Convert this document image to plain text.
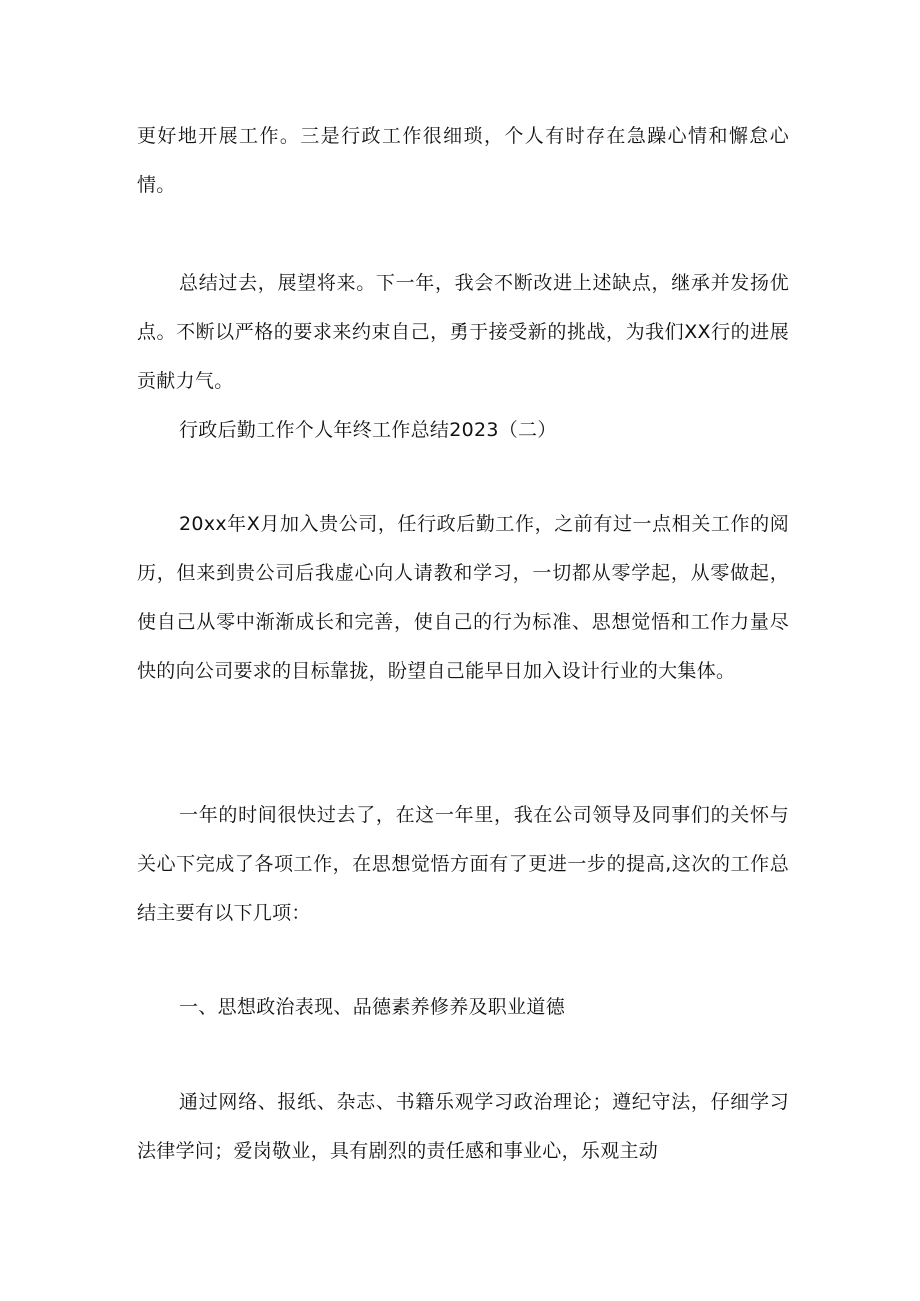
更好地开展工作。三是行政工作很细琐，个人有时存在急躁心情和懈怠心情。

总结过去，展望将来。下一年，我会不断改进上述缺点，继承并发扬优点。不断以严格的要求来约束自己，勇于接受新的挑战，为我们XX行的进展贡献力气。

行政后勤工作个人年终工作总结2023（二）

20xx年X月加入贵公司，任行政后勤工作，之前有过一点相关工作的阅历，但来到贵公司后我虚心向人请教和学习，一切都从零学起，从零做起，使自己从零中渐渐成长和完善，使自己的行为标准、思想觉悟和工作力量尽快的向公司要求的目标靠拢，盼望自己能早日加入设计行业的大集体。

一年的时间很快过去了，在这一年里，我在公司领导及同事们的关怀与关心下完成了各项工作，在思想觉悟方面有了更进一步的提高,这次的工作总结主要有以下几项：

一、思想政治表现、品德素养修养及职业道德

通过网络、报纸、杂志、书籍乐观学习政治理论；遵纪守法，仔细学习法律学问；爱岗敬业，具有剧烈的责任感和事业心，乐观主动
